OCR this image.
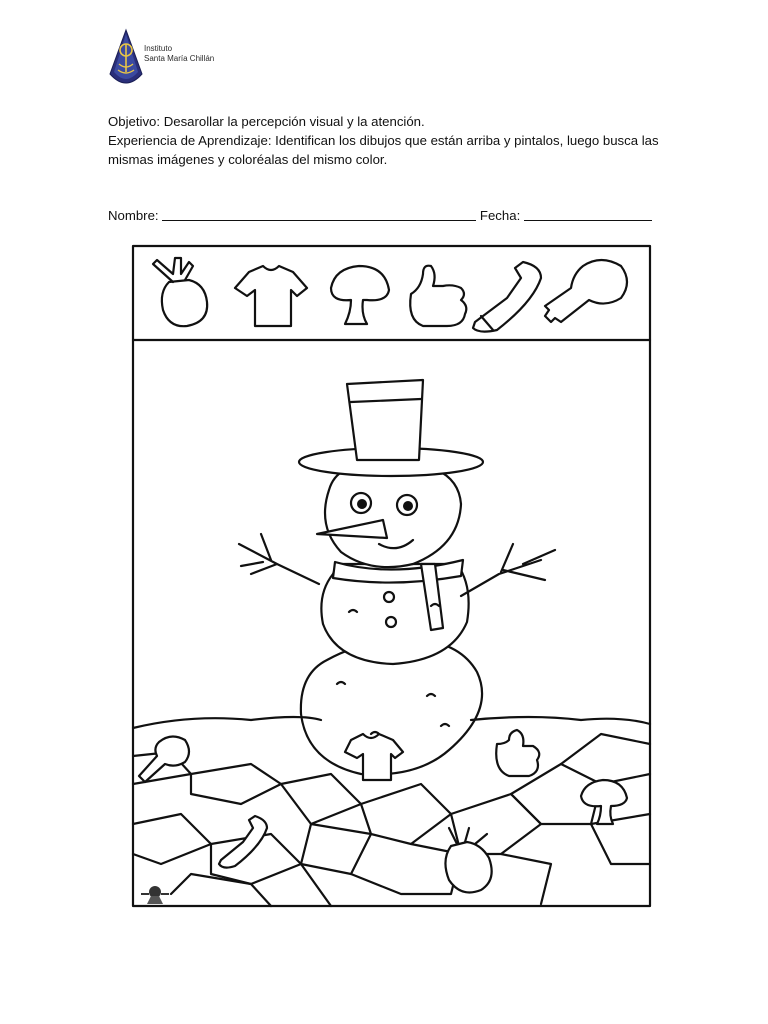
Instituto
Santa María Chillán

Objetivo: Desarollar la percepción visual y la atención.

Experiencia de Aprendizaje: Identifican los dibujos que están arriba y pintalos, luego busca las mismas imágenes y coloréalas del mismo color.

Nombre:	Fecha:
